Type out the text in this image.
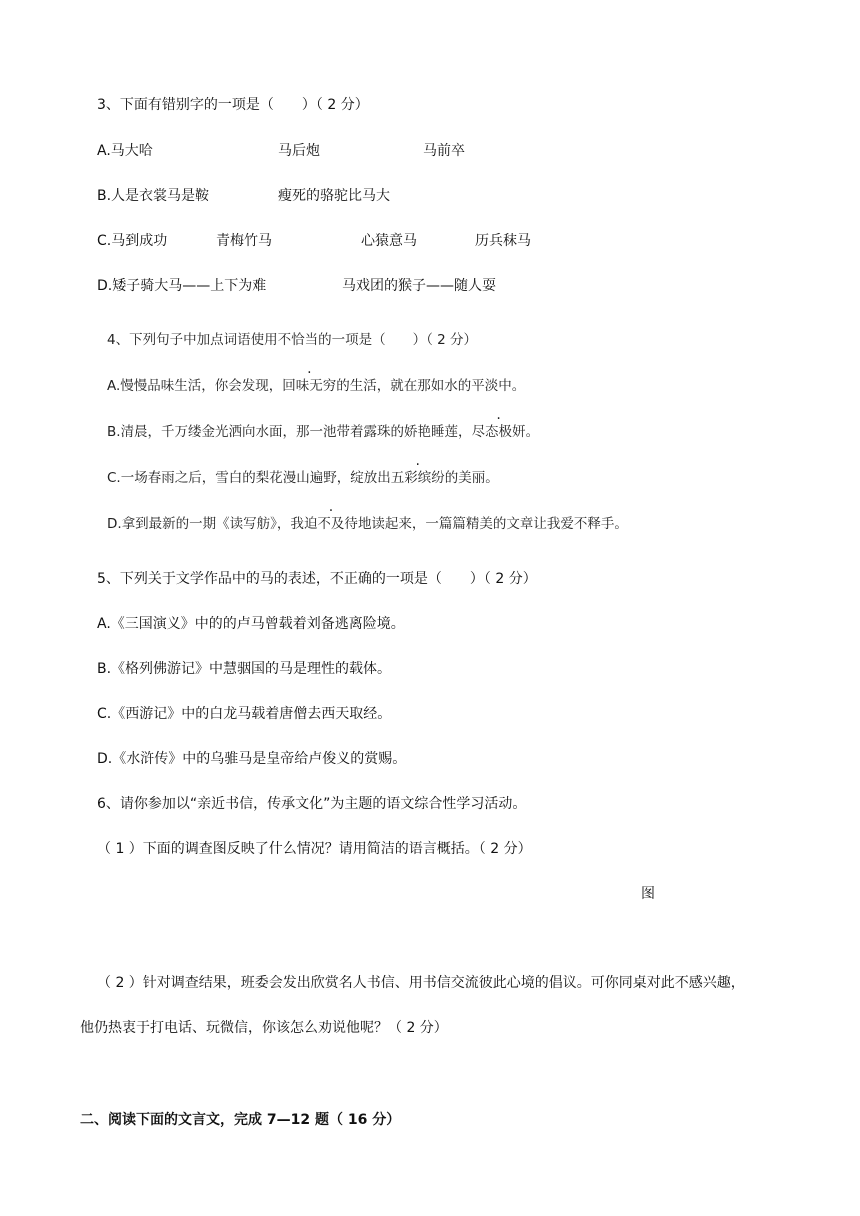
3、下面有错别字的一项是（　　）（ 2 分）
A.马大哈	马后炮	马前卒
B.人是衣裳马是鞍	瘦死的骆驼比马大
C.马到成功	青梅竹马	心猿意马	历兵秣马
D.矮子骑大马——上下为难	马戏团的猴子——随人耍
4、下列句子中加点词语使用不恰当的一项是（　　）（ 2 分）
A.慢慢品味生活，你会发现，回味无穷的生活，就在那如水的平淡中。
B.清晨，千万缕金光洒向水面，那一池带着露珠的娇艳睡莲，尽态极妍。
C.一场春雨之后，雪白的梨花漫山遍野，绽放出五彩缤纷的美丽。
D.拿到最新的一期《读写舫》，我迫不及待地读起来，一篇篇精美的文章让我爱不释手。
5、下列关于文学作品中的马的表述，不正确的一项是（　　）（ 2 分）
A.《三国演义》中的的卢马曾载着刘备逃离险境。
B.《格列佛游记》中慧骃国的马是理性的载体。
C.《西游记》中的白龙马载着唐僧去西天取经。
D.《水浒传》中的乌骓马是皇帝给卢俊义的赏赐。
6、请你参加以“亲近书信，传承文化”为主题的语文综合性学习活动。
（ 1 ）下面的调查图反映了什么情况？请用简洁的语言概括。（ 2 分）
图
（ 2 ）针对调查结果，班委会发出欣赏名人书信、用书信交流彼此心境的倡议。可你同桌对此不感兴趣，
他仍热衷于打电话、玩微信，你该怎么劝说他呢？（ 2 分）
二、阅读下面的文言文，完成 7—12 题（ 16 分）
